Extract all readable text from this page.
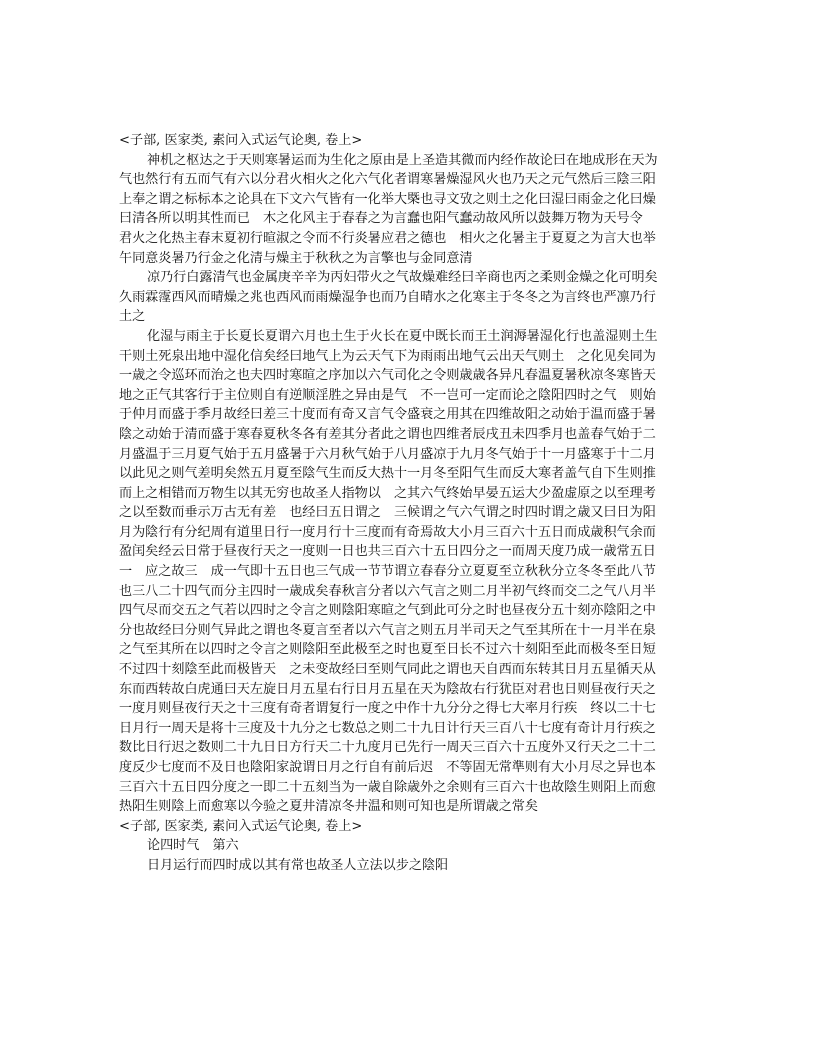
<子部, 医家类, 素问入式运气论奥, 卷上>
神机之枢达之于天则寒暑运而为生化之原由是上圣造其微而内经作故论曰在地成形在天为
气也然行有五而气有六以分君火相火之化六气化者谓寒暑燥湿风火也乃天之元气然后三陰三阳
上奉之谓之标标本之论具在下文六气皆有一化举大槩也寻文攷之则土之化曰湿曰雨金之化曰燥
曰清各所以明其性而已　木之化风主于春春之为言蠢也阳气蠢动故风所以鼓舞万物为天号令
君火之化热主春末夏初行暄淑之令而不行炎暑应君之德也　相火之化暑主于夏夏之为言大也举
午同意炎暑乃行金之化清与燥主于秋秋之为言擎也与金同意清
凉乃行白露清气也金属庚辛辛为丙妇带火之气故燥难经曰辛商也丙之柔则金燥之化可明矣
久雨霖霪西风而晴燥之兆也西风而雨燥湿争也而乃自晴水之化寒主于冬冬之为言终也严凛乃行
土之
化湿与雨主于长夏长夏谓六月也土生于火长在夏中既长而王土润溽暑湿化行也盖湿则土生
干则土死泉出地中湿化信矣经曰地气上为云天气下为雨雨出地气云出天气则土　之化见矣同为
一歳之令巡环而治之也夫四时寒暄之序加以六气司化之令则歳歳各异凡春温夏暑秋凉冬寒皆天
地之正气其客行于主位则自有逆顺淫胜之异由是气　不一岂可一定而论之陰阳四时之气　则始
于仲月而盛于季月故经曰差三十度而有奇又言气令盛衰之用其在四维故阳之动始于温而盛于暑
陰之动始于清而盛于寒春夏秋冬各有差其分者此之谓也四维者辰戌丑未四季月也盖春气始于二
月盛温于三月夏气始于五月盛暑于六月秋气始于八月盛凉于九月冬气始于十一月盛寒于十二月
以此见之则气差明矣然五月夏至陰气生而反大热十一月冬至阳气生而反大寒者盖气自下生则推
而上之相错而万物生以其无穷也故圣人指物以　之其六气终始早晏五运大少盈虚原之以至理考
之以至数而垂示万古无有差　也经曰五日谓之　三候谓之气六气谓之时四时谓之歳又曰日为阳
月为陰行有分纪周有道里日行一度月行十三度而有奇焉故大小月三百六十五日而成歳积气余而
盈闰矣经云日常于昼夜行天之一度则一日也共三百六十五日四分之一而周天度乃成一歳常五日
一　应之故三　成一气即十五日也三气成一节节谓立春春分立夏夏至立秋秋分立冬冬至此八节
也三八二十四气而分主四时一歳成矣春秋言分者以六气言之则二月半初气终而交二之气八月半
四气尽而交五之气若以四时之令言之则陰阳寒暄之气到此可分之时也昼夜分五十刻亦陰阳之中
分也故经曰分则气异此之谓也冬夏言至者以六气言之则五月半司天之气至其所在十一月半在泉
之气至其所在以四时之令言之则陰阳至此极至之时也夏至日长不过六十刻阳至此而极冬至日短
不过四十刻陰至此而极皆天　之未变故经曰至则气同此之谓也天自西而东转其日月五星循天从
东而西转故白虎通曰天左旋日月五星右行日月五星在天为陰故右行犹臣对君也日则昼夜行天之
一度月则昼夜行天之十三度有奇者谓复行一度之中作十九分分之得七大率月行疾　终以二十七
日月行一周天是将十三度及十九分之七数总之则二十九日计行天三百八十七度有奇计月行疾之
数比日行迟之数则二十九日日方行天二十九度月已先行一周天三百六十五度外又行天之二十二
度反少七度而不及日也陰阳家說谓日月之行自有前后迟　不等固无常準则有大小月尽之异也本
三百六十五日四分度之一即二十五刻当为一歳自除歳外之余则有三百六十也故陰生则阳上而愈
热阳生则陰上而愈寒以今验之夏井清凉冬井温和则可知也是所谓歳之常矣
<子部, 医家类, 素问入式运气论奥, 卷上>
论四时气　第六
日月运行而四时成以其有常也故圣人立法以步之陰阳
